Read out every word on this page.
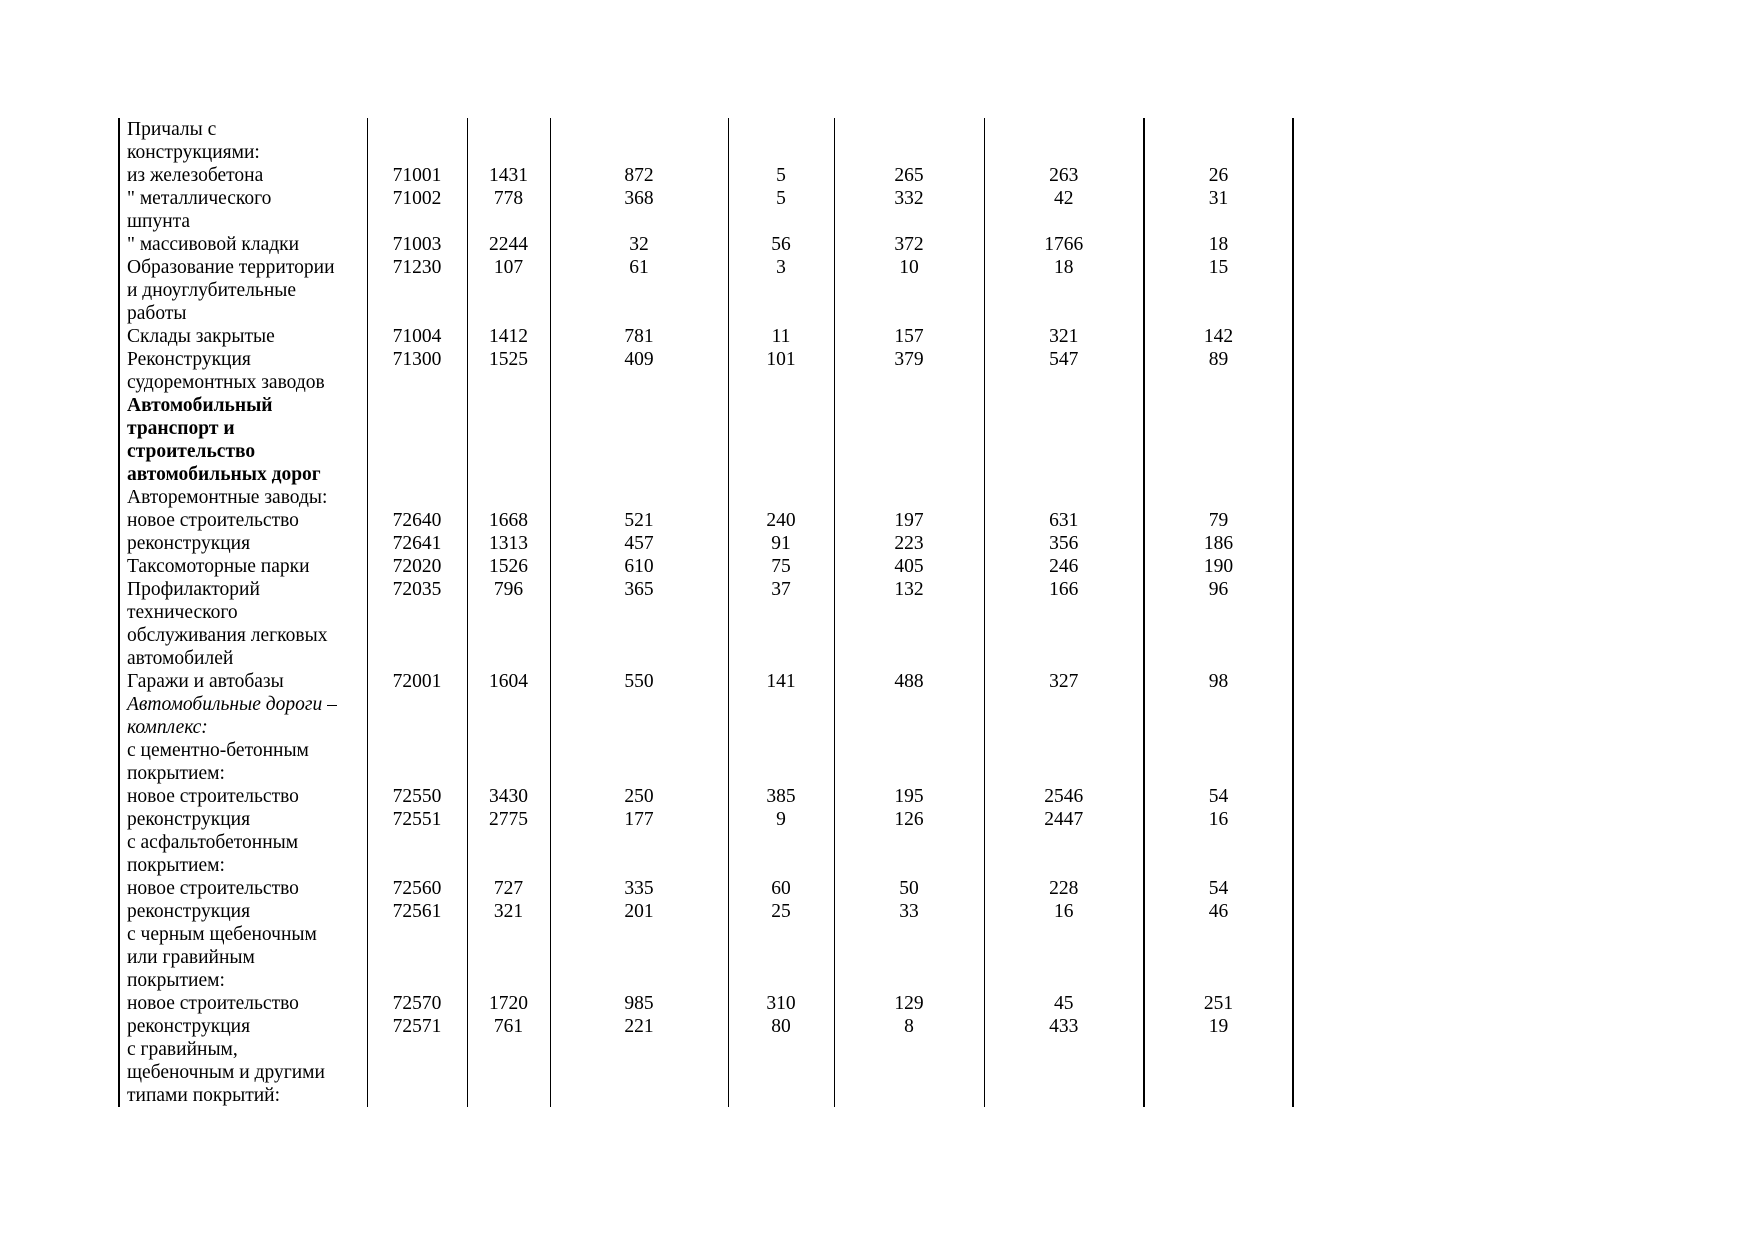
Причалы с
конструкциями:							

из железобетона	71001	1431	872	5	265	263	26

" металлического	71002	778	368	5	332	42	31

шпунта							

" массивовой кладки	71003	2244	32	56	372	1766	18

Образование территории
и дноуглубительные
работы	71230	107	61	3	10	18	15

Склады закрытые	71004	1412	781	11	157	321	142

Реконструкция
судоремонтных заводов	71300	1525	409	101	379	547	89

Автомобильный
транспорт и
строительство
автомобильных дорог							

Авторемонтные заводы:							

новое строительство	72640	1668	521	240	197	631	79

реконструкция	72641	1313	457	91	223	356	186

Таксомоторные парки	72020	1526	610	75	405	246	190

Профилакторий
технического
обслуживания легковых
автомобилей	72035	796	365	37	132	166	96

Гаражи и автобазы	72001	1604	550	141	488	327	98

Автомобильные дороги –
комплекс:							

с цементно-бетонным
покрытием:							

новое строительство	72550	3430	250	385	195	2546	54

реконструкция	72551	2775	177	9	126	2447	16

с асфальтобетонным
покрытием:							

новое строительство	72560	727	335	60	50	228	54

реконструкция	72561	321	201	25	33	16	46

с черным щебеночным
или гравийным
покрытием:							

новое строительство	72570	1720	985	310	129	45	251

реконструкция	72571	761	221	80	8	433	19

с гравийным,
щебеночным и другими
типами покрытий:							
